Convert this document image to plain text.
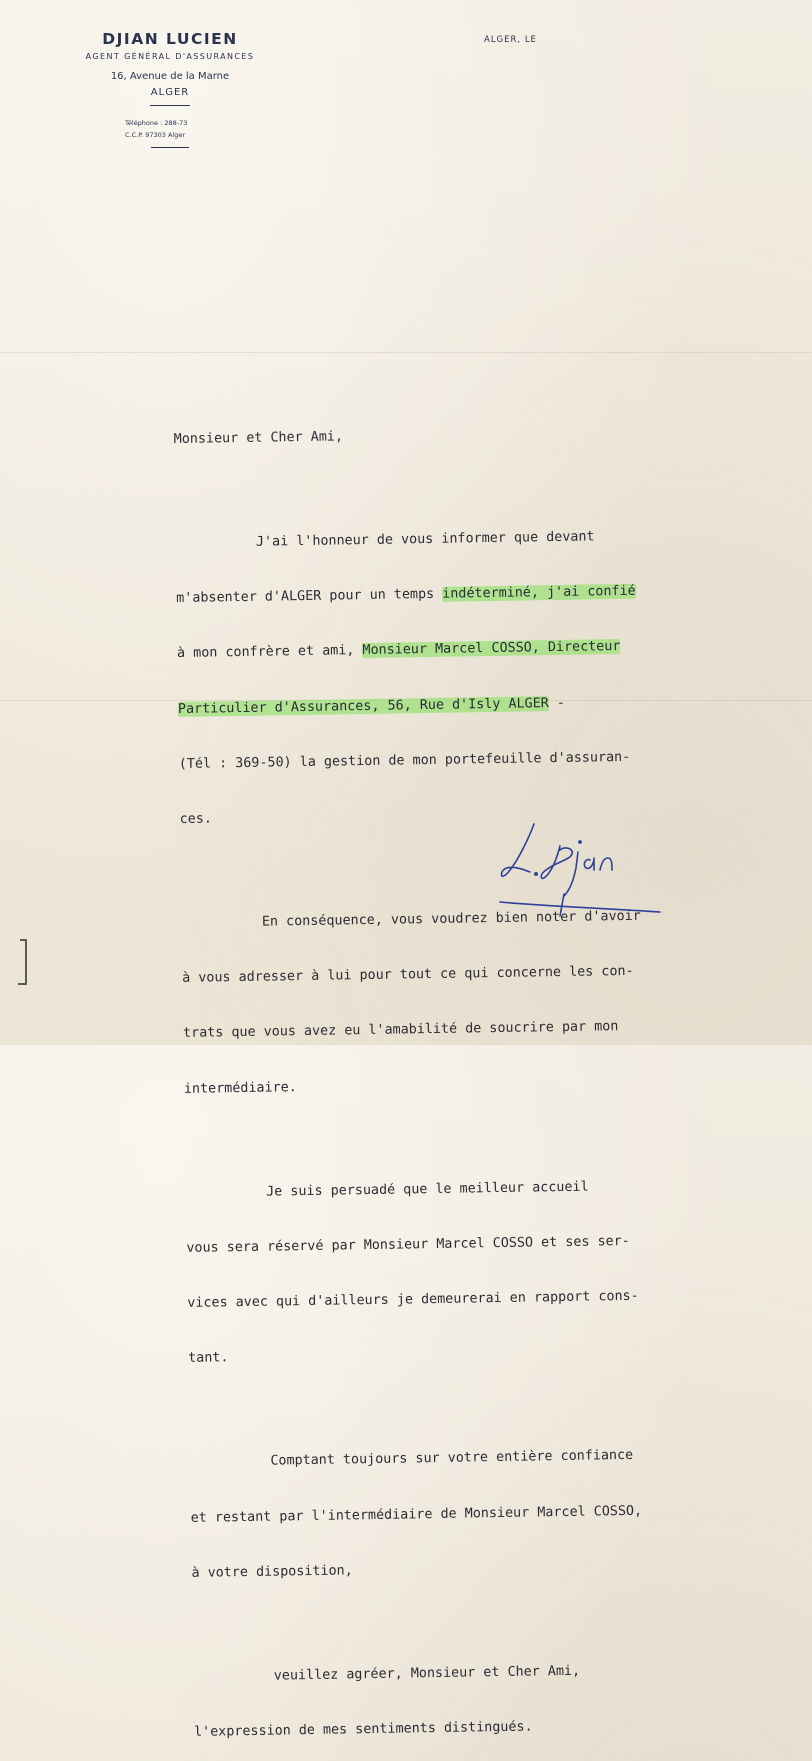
DJIAN LUCIEN
AGENT GÉNÉRAL D'ASSURANCES
16, Avenue de la Marne
ALGER
Téléphone : 288-73
C.C.P. 97303 Alger
ALGER, LE

Monsieur et Cher Ami,

J'ai l'honneur de vous informer que devant

m'absenter d'ALGER pour un temps indéterminé, j'ai confié

à mon confrère et ami, Monsieur Marcel COSSO, Directeur

Particulier d'Assurances, 56, Rue d'Isly ALGER -

(Tél : 369-50) la gestion de mon portefeuille d'assuran-

ces.

En conséquence, vous voudrez bien noter d'avoir

à vous adresser à lui pour tout ce qui concerne les con-

trats que vous avez eu l'amabilité de soucrire par mon

intermédiaire.

Je suis persuadé que le meilleur accueil

vous sera réservé par Monsieur Marcel COSSO et ses ser-

vices avec qui d'ailleurs je demeurerai en rapport cons-

tant.

Comptant toujours sur votre entière confiance

et restant par l'intermédiaire de Monsieur Marcel COSSO,

à votre disposition,

veuillez agréer, Monsieur et Cher Ami,

l'expression de mes sentiments distingués.
